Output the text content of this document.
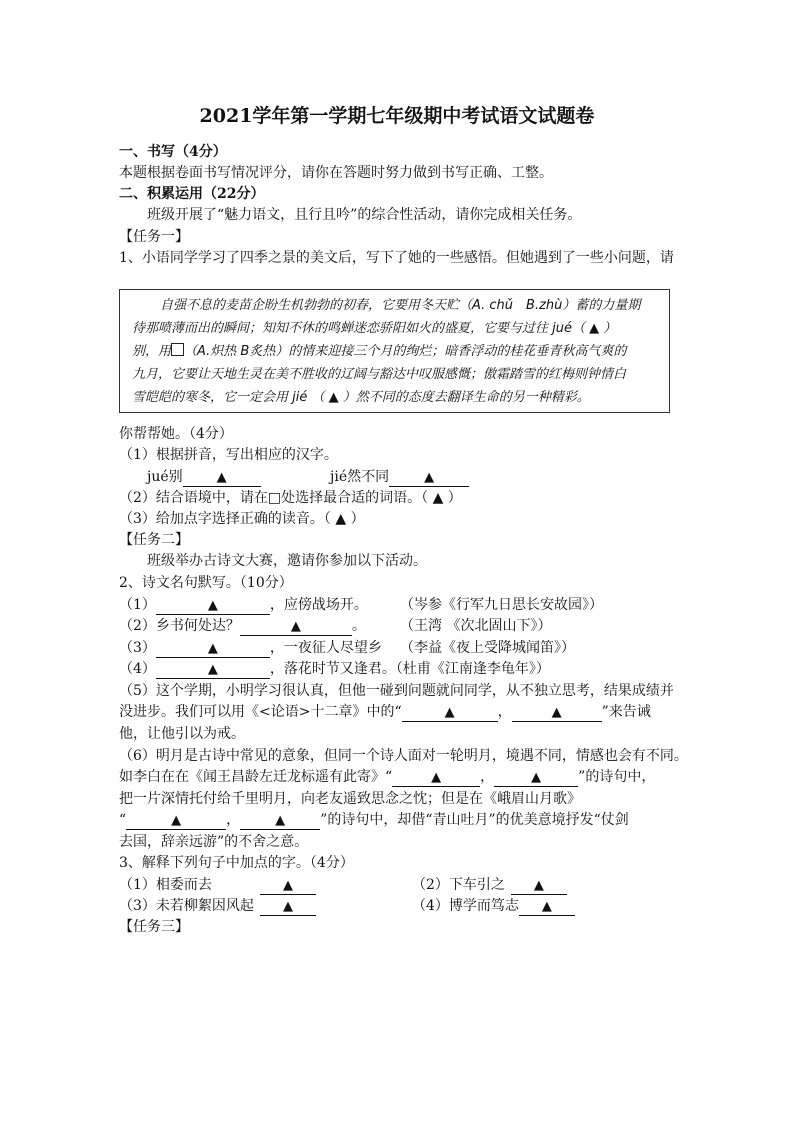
2021学年第一学期七年级期中考试语文试题卷
一、书写（4分）
本题根据卷面书写情况评分，请你在答题时努力做到书写正确、工整。
二、积累运用（22分）
班级开展了“魅力语文，且行且吟”的综合性活动，请你完成相关任务。
【任务一】
1、小语同学学习了四季之景的美文后，写下了她的一些感悟。但她遇到了一些小问题，请
自强不息的麦苗企盼生机勃勃的初春，它要用冬天贮（A. chǔ　B.zhù）蓄的力量期
待那喷薄而出的瞬间；知知不休的鸣蝉迷恋骄阳如火的盛夏，它要与过往 jué（ ▲ ）
别，用 （A.炽热 B炙热）的情来迎接三个月的绚烂；暗香浮动的桂花垂青秋高气爽的
九月，它要让天地生灵在美不胜收的辽阔与豁达中叹服感慨；傲霜踏雪的红梅则钟情白
雪皑皑的寒冬，它一定会用 jié （ ▲ ）然不同的态度去翻译生命的另一种精彩。
你帮帮她。（4分）
（1）根据拼音，写出相应的汉字。
jué别	▲	jié然不同	▲
（2）结合语境中，请在□处选择最合适的词语。（ ▲ ）
（3）给加点字选择正确的读音。（ ▲ ）
【任务二】
班级举办古诗文大赛，邀请你参加以下活动。
2、诗文名句默写。（10分）
（1）	▲	，应傍战场开。 （岑参《行军九日思长安故园》）
（2）乡书何处达？	▲	。 （王湾 《次北固山下》）
（3）	▲	，一夜征人尽望乡 （李益《夜上受降城闻笛》）
（4）	▲	，落花时节又逢君。（杜甫《江南逢李龟年》）
（5）这个学期，小明学习很认真，但他一碰到问题就问同学，从不独立思考，结果成绩并
没进步。我们可以用《<论语>十二章》中的“	▲	，	▲	”来告诫
他，让他引以为戒。
（6）明月是古诗中常见的意象，但同一个诗人面对一轮明月，境遇不同，情感也会有不同。
如李白在在《闻王昌龄左迁龙标遥有此寄》“	▲	，	▲	”的诗句中，
把一片深情托付给千里明月，向老友遥致思念之忱；但是在《峨眉山月歌》
“	▲	，	▲	”的诗句中，却借“青山吐月”的优美意境抒发“仗剑
去国，辞亲远游”的不舍之意。
3、解释下列句子中加点的字。（4分）
（1）相委而去	▲	（2）下车引之 ▲
（3）未若柳絮因风起	▲	（4）博学而笃志 ▲
【任务三】
